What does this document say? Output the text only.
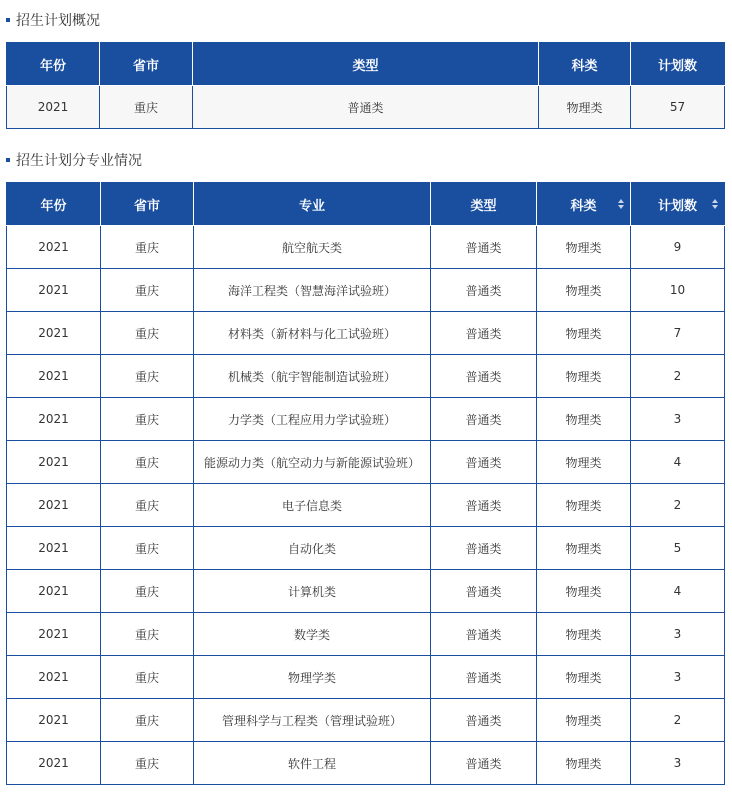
招生计划概况
年份	省市	类型	科类	计划数
2021	重庆	普通类	物理类	57
招生计划分专业情况
年份	省市	专业	类型	科类	计划数

2021	重庆	航空航天类	普通类	物理类	9
2021	重庆	海洋工程类（智慧海洋试验班）	普通类	物理类	10
2021	重庆	材料类（新材料与化工试验班）	普通类	物理类	7
2021	重庆	机械类（航宇智能制造试验班）	普通类	物理类	2
2021	重庆	力学类（工程应用力学试验班）	普通类	物理类	3
2021	重庆	能源动力类（航空动力与新能源试验班）	普通类	物理类	4
2021	重庆	电子信息类	普通类	物理类	2
2021	重庆	自动化类	普通类	物理类	5
2021	重庆	计算机类	普通类	物理类	4
2021	重庆	数学类	普通类	物理类	3
2021	重庆	物理学类	普通类	物理类	3
2021	重庆	管理科学与工程类（管理试验班）	普通类	物理类	2
2021	重庆	软件工程	普通类	物理类	3
